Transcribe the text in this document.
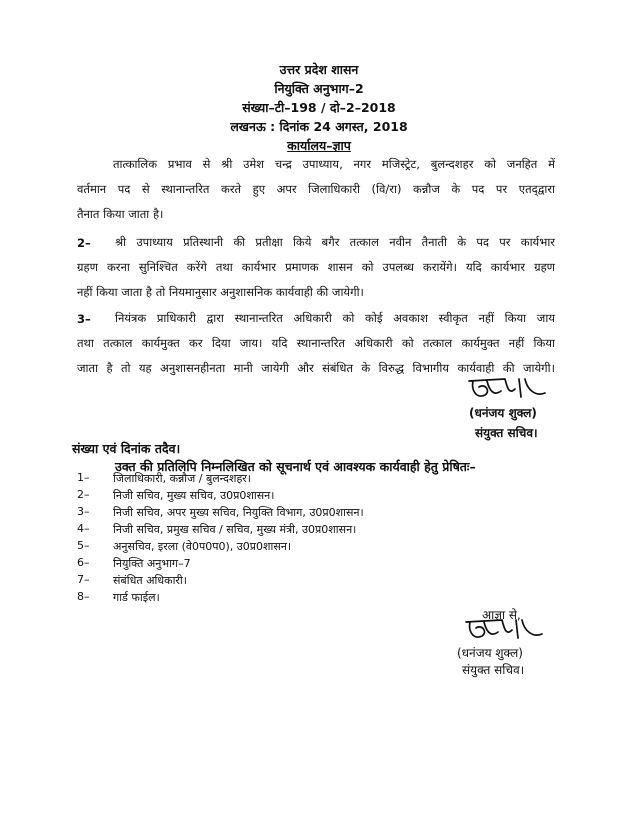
उत्तर प्रदेश शासन
नियुक्ति अनुभाग–2
संख्या–टी–198 / दो–2–2018
लखनऊ : दिनांक 24 अगस्त, 2018
कार्यालय–ज्ञाप
तात्कालिक प्रभाव से श्री उमेश चन्द्र उपाध्याय, नगर मजिस्ट्रेट, बुलन्दशहर को जनहित में
वर्तमान पद से स्थानान्तरित करते हुए अपर जिलाधिकारी (वि/रा) कन्नौज के पद पर एतद्‌द्वारा
तैनात किया जाता है।
2–	श्री उपाध्याय प्रतिस्थानी की प्रतीक्षा किये बगैर तत्काल नवीन तैनाती के पद पर कार्यभार
ग्रहण करना सुनिश्चित करेंगे तथा कार्यभार प्रमाणक शासन को उपलब्ध करायेंगे। यदि कार्यभार ग्रहण
नहीं किया जाता है तो नियमानुसार अनुशासनिक कार्यवाही की जायेगी।
3–	नियंत्रक प्राधिकारी द्वारा स्थानान्तरित अधिकारी को कोई अवकाश स्वीकृत नहीं किया जाय
तथा तत्काल कार्यमुक्त कर दिया जाय। यदि स्थानान्तरित अधिकारी को तत्काल कार्यमुक्त नहीं किया
जाता है तो यह अनुशासनहीनता मानी जायेगी और संबंधित के विरुद्ध विभागीय कार्यवाही की जायेगी।
(धनंजय शुक्ल)
संयुक्त सचिव।
संख्या एवं दिनांक तदैव।
उक्त की प्रतिलिपि निम्नलिखित को सूचनार्थ एवं आवश्यक कार्यवाही हेतु प्रेषितः–
1–	जिलाधिकारी, कन्नौज / बुलन्दशहर।
2–	निजी सचिव, मुख्य सचिव, उ0प्र0शासन।
3–	निजी सचिव, अपर मुख्य सचिव, नियुक्ति विभाग, उ0प्र0शासन।
4–	निजी सचिव, प्रमुख सचिव / सचिव, मुख्य मंत्री, उ0प्र0शासन।
5–	अनुसचिव, इरला (वे0प0प0), उ0प्र0शासन।
6–	नियुक्ति अनुभाग–7
7–	संबंधित अधिकारी।
8–	गार्ड फाईल।
आज्ञा से,
(धनंजय शुक्ल)
संयुक्त सचिव।
